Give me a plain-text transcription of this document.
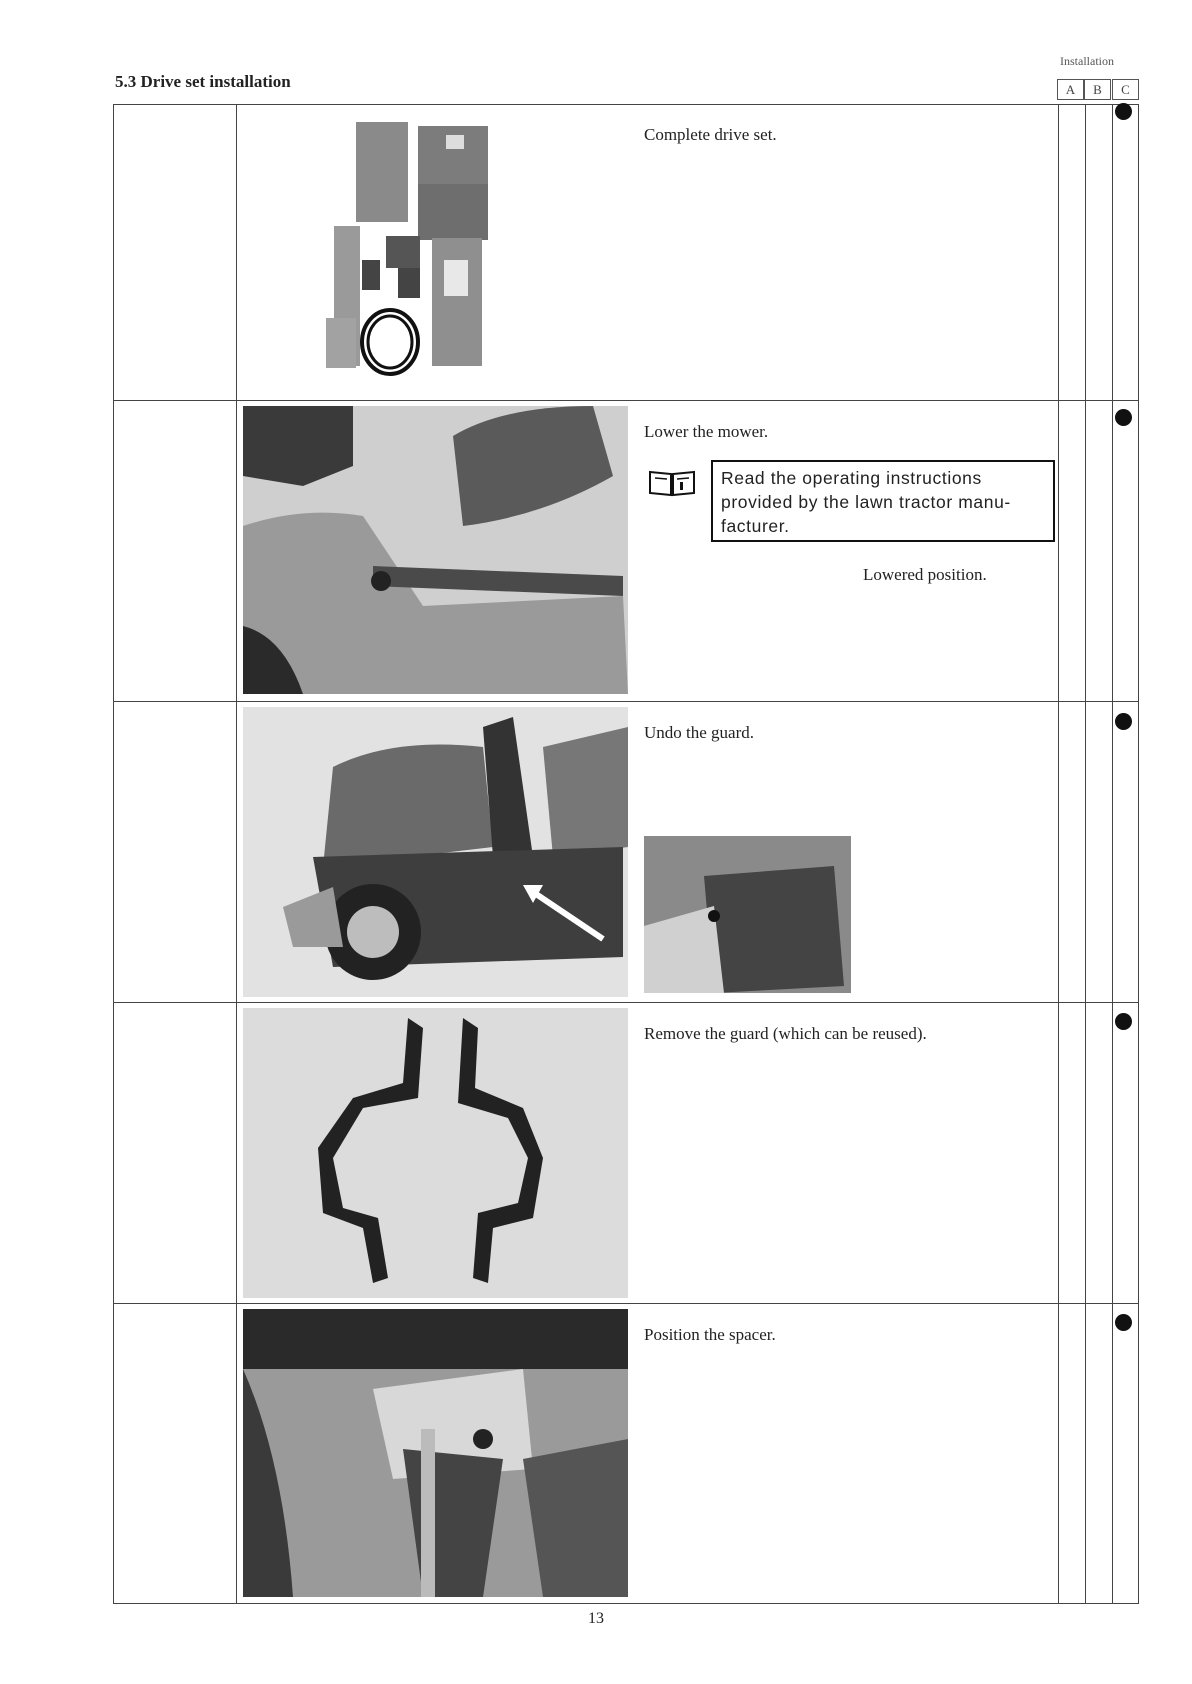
5.3 Drive set installation
Installation
A	B	C
Complete drive set.
Lower the mower.
Read the operating instructions provided by the lawn tractor manu-facturer.
Lowered position.
Undo the guard.
Remove the guard (which can be reused).
Position the spacer.
13
